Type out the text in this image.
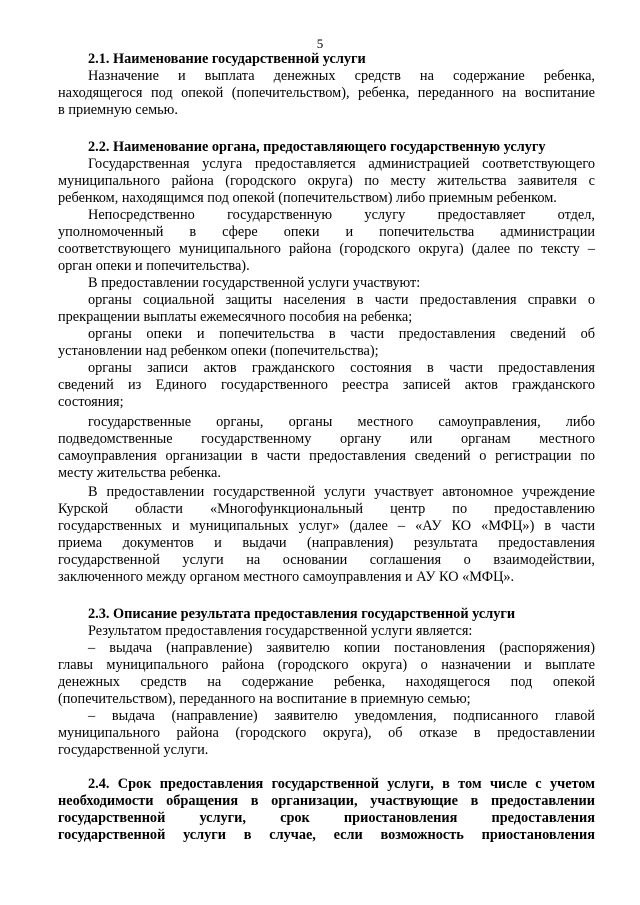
5
2.1. Наименование государственной услуги
Назначение и выплата денежных средств на содержание ребенка,
находящегося под опекой (попечительством), ребенка, переданного на воспитание
в приемную семью.
2.2. Наименование органа, предоставляющего государственную услугу
Государственная услуга предоставляется администрацией соответствующего
муниципального района (городского округа) по месту жительства заявителя с
ребенком, находящимся под опекой (попечительством) либо приемным ребенком.
Непосредственно государственную услугу предоставляет отдел,
уполномоченный в сфере опеки и попечительства администрации
соответствующего муниципального района (городского округа) (далее по тексту –
орган опеки и попечительства).
В предоставлении государственной услуги участвуют:
органы социальной защиты населения в части предоставления справки о
прекращении выплаты ежемесячного пособия на ребенка;
органы опеки и попечительства в части предоставления сведений об
установлении над ребенком опеки (попечительства);
органы записи актов гражданского состояния в части предоставления
сведений из Единого государственного реестра записей актов гражданского
состояния;
государственные органы, органы местного самоуправления, либо
подведомственные государственному органу или органам местного
самоуправления организации в части предоставления сведений о регистрации по
месту жительства ребенка.
В предоставлении государственной услуги участвует автономное учреждение
Курской области «Многофункциональный центр по предоставлению
государственных и муниципальных услуг» (далее – «АУ КО «МФЦ») в части
приема документов и выдачи (направления) результата предоставления
государственной услуги на основании соглашения о взаимодействии,
заключенного между органом местного самоуправления и АУ КО «МФЦ».
2.3. Описание результата предоставления государственной услуги
Результатом предоставления государственной услуги является:
– выдача (направление) заявителю копии постановления (распоряжения)
главы муниципального района (городского округа) о назначении и выплате
денежных средств на содержание ребенка, находящегося под опекой
(попечительством), переданного на воспитание в приемную семью;
– выдача (направление) заявителю уведомления, подписанного главой
муниципального района (городского округа), об отказе в предоставлении
государственной услуги.
2.4. Срок предоставления государственной услуги, в том числе с учетом
необходимости обращения в организации, участвующие в предоставлении
государственной услуги, срок приостановления предоставления
государственной услуги в случае, если возможность приостановления
